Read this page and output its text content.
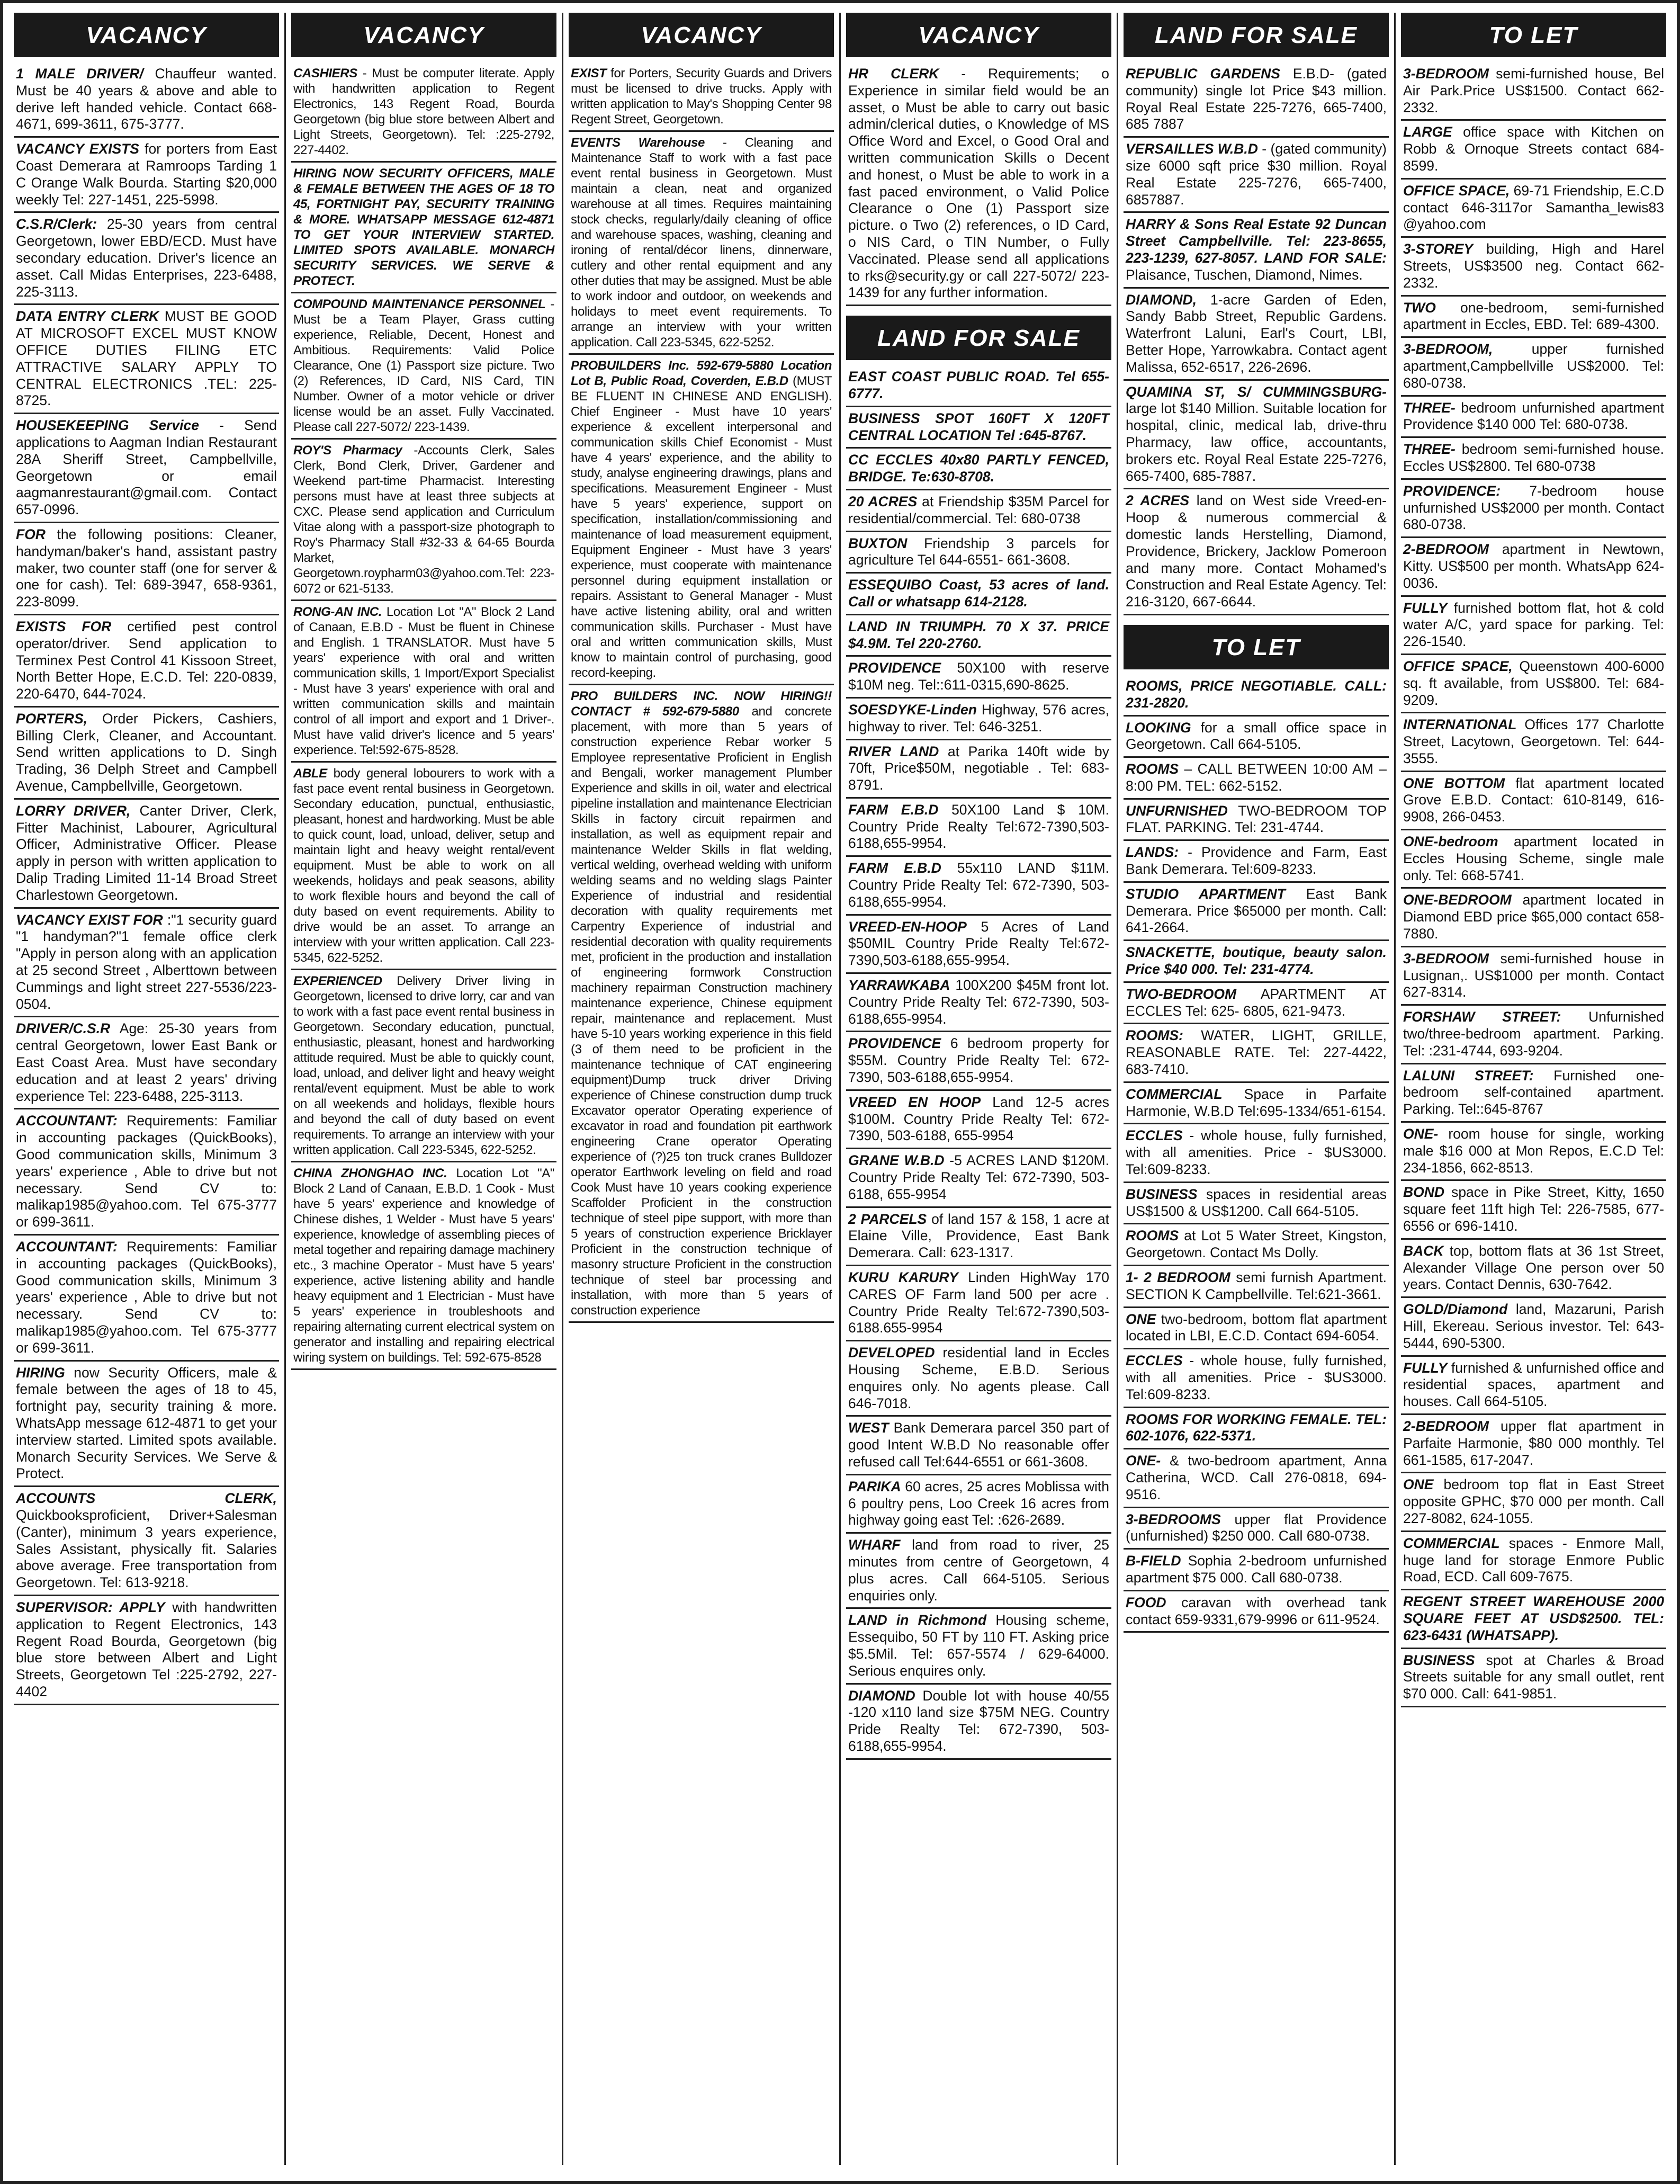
VACANCY
1 MALE DRIVER/ Chauffeur wanted. Must be 40 years & above and able to derive left handed vehicle. Contact 668-4671, 699-3611, 675-3777.
VACANCY EXISTS for porters from East Coast Demerara at Ramroops Tarding 1 C Orange Walk Bourda. Starting $20,000 weekly Tel: 227-1451, 225-5998.
C.S.R/Clerk: 25-30 years from central Georgetown, lower EBD/ECD. Must have secondary education. Driver's licence an asset. Call Midas Enterprises, 223-6488, 225-3113.
DATA ENTRY CLERK MUST BE GOOD AT MICROSOFT EXCEL MUST KNOW OFFICE DUTIES FILING ETC ATTRACTIVE SALARY APPLY TO CENTRAL ELECTRONICS .TEL: 225-8725.
HOUSEKEEPING Service - Send applications to Aagman Indian Restaurant 28A Sheriff Street, Campbellville, Georgetown or email aagmanrestaurant@gmail.com. Contact 657-0996.
FOR the following positions: Cleaner, handyman/baker's hand, assistant pastry maker, two counter staff (one for server & one for cash). Tel: 689-3947, 658-9361, 223-8099.
EXISTS FOR certified pest control operator/driver. Send application to Terminex Pest Control 41 Kissoon Street, North Better Hope, E.C.D. Tel: 220-0839, 220-6470, 644-7024.
PORTERS, Order Pickers, Cashiers, Billing Clerk, Cleaner, and Accountant. Send written applications to D. Singh Trading, 36 Delph Street and Campbell Avenue, Campbellville, Georgetown.
LORRY DRIVER, Canter Driver, Clerk, Fitter Machinist, Labourer, Agricultural Officer, Administrative Officer. Please apply in person with written application to Dalip Trading Limited 11-14 Broad Street Charlestown Georgetown.
VACANCY EXIST FOR :"1 security guard "1 handyman?"1 female office clerk "Apply in person along with an application at 25 second Street , Alberttown between Cummings and light street 227-5536/223-0504.
DRIVER/C.S.R Age: 25-30 years from central Georgetown, lower East Bank or East Coast Area. Must have secondary education and at least 2 years' driving experience Tel: 223-6488, 225-3113.
ACCOUNTANT: Requirements: Familiar in accounting packages (QuickBooks), Good communication skills, Minimum 3 years' experience , Able to drive but not necessary. Send CV to: malikap1985@yahoo.com. Tel 675-3777 or 699-3611.
ACCOUNTANT: Requirements: Familiar in accounting packages (QuickBooks), Good communication skills, Minimum 3 years' experience , Able to drive but not necessary. Send CV to: malikap1985@yahoo.com. Tel 675-3777 or 699-3611.
HIRING now Security Officers, male & female between the ages of 18 to 45, fortnight pay, security training & more. WhatsApp message 612-4871 to get your interview started. Limited spots available. Monarch Security Services. We Serve & Protect.
ACCOUNTS CLERK, Quickbooksproficient, Driver+Salesman (Canter), minimum 3 years experience, Sales Assistant, physically fit. Salaries above average. Free transportation from Georgetown. Tel: 613-9218.
SUPERVISOR: APPLY with handwritten application to Regent Electronics, 143 Regent Road Bourda, Georgetown (big blue store between Albert and Light Streets, Georgetown Tel :225-2792, 227-4402
VACANCY
CASHIERS - Must be computer literate. Apply with handwritten application to Regent Electronics, 143 Regent Road, Bourda Georgetown (big blue store between Albert and Light Streets, Georgetown). Tel: :225-2792, 227-4402.
HIRING NOW SECURITY OFFICERS, MALE & FEMALE BETWEEN THE AGES OF 18 TO 45, FORTNIGHT PAY, SECURITY TRAINING & MORE. WHATSAPP MESSAGE 612-4871 TO GET YOUR INTERVIEW STARTED. LIMITED SPOTS AVAILABLE. MONARCH SECURITY SERVICES. WE SERVE & PROTECT.
COMPOUND MAINTENANCE PERSONNEL - Must be a Team Player, Grass cutting experience, Reliable, Decent, Honest and Ambitious. Requirements: Valid Police Clearance, One (1) Passport size picture. Two (2) References, ID Card, NIS Card, TIN Number. Owner of a motor vehicle or driver license would be an asset. Fully Vaccinated. Please call 227-5072/ 223-1439.
ROY'S Pharmacy -Accounts Clerk, Sales Clerk, Bond Clerk, Driver, Gardener and Weekend part-time Pharmacist. Interesting persons must have at least three subjects at CXC. Please send application and Curriculum Vitae along with a passport-size photograph to Roy's Pharmacy Stall #32-33 & 64-65 Bourda Market, Georgetown.roypharm03@yahoo.com.Tel: 223-6072 or 621-5133.
RONG-AN INC. Location Lot "A" Block 2 Land of Canaan, E.B.D - Must be fluent in Chinese and English. 1 TRANSLATOR. Must have 5 years' experience with oral and written communication skills, 1 Import/Export Specialist - Must have 3 years' experience with oral and written communication skills and maintain control of all import and export and 1 Driver-. Must have valid driver's licence and 5 years' experience. Tel:592-675-8528.
ABLE body general lobourers to work with a fast pace event rental business in Georgetown. Secondary education, punctual, enthusiastic, pleasant, honest and hardworking. Must be able to quick count, load, unload, deliver, setup and maintain light and heavy weight rental/event equipment. Must be able to work on all weekends, holidays and peak seasons, ability to work flexible hours and beyond the call of duty based on event requirements. Ability to drive would be an asset. To arrange an interview with your written application. Call 223-5345, 622-5252.
EXPERIENCED Delivery Driver living in Georgetown, licensed to drive lorry, car and van to work with a fast pace event rental business in Georgetown. Secondary education, punctual, enthusiastic, pleasant, honest and hardworking attitude required. Must be able to quickly count, load, unload, and deliver light and heavy weight rental/event equipment. Must be able to work on all weekends and holidays, flexible hours and beyond the call of duty based on event requirements. To arrange an interview with your written application. Call 223-5345, 622-5252.
CHINA ZHONGHAO INC. Location Lot "A" Block 2 Land of Canaan, E.B.D. 1 Cook - Must have 5 years' experience and knowledge of Chinese dishes, 1 Welder - Must have 5 years' experience, knowledge of assembling pieces of metal together and repairing damage machinery etc., 3 machine Operator - Must have 5 years' experience, active listening ability and handle heavy equipment and 1 Electrician - Must have 5 years' experience in troubleshoots and repairing alternating current electrical system on generator and installing and repairing electrical wiring system on buildings. Tel: 592-675-8528
VACANCY
EXIST for Porters, Security Guards and Drivers must be licensed to drive trucks. Apply with written application to May's Shopping Center 98 Regent Street, Georgetown.
EVENTS Warehouse - Cleaning and Maintenance Staff to work with a fast pace event rental business in Georgetown. Must maintain a clean, neat and organized warehouse at all times. Requires maintaining stock checks, regularly/daily cleaning of office and warehouse spaces, washing, cleaning and ironing of rental/décor linens, dinnerware, cutlery and other rental equipment and any other duties that may be assigned. Must be able to work indoor and outdoor, on weekends and holidays to meet event requirements. To arrange an interview with your written application. Call 223-5345, 622-5252.
PROBUILDERS Inc. 592-679-5880 Location Lot B, Public Road, Coverden, E.B.D (MUST BE FLUENT IN CHINESE AND ENGLISH). Chief Engineer - Must have 10 years' experience & excellent interpersonal and communication skills Chief Economist - Must have 4 years' experience, and the ability to study, analyse engineering drawings, plans and specifications. Measurement Engineer - Must have 5 years' experience, support on specification, installation/commissioning and maintenance of load measurement equipment, Equipment Engineer - Must have 3 years' experience, must cooperate with maintenance personnel during equipment installation or repairs. Assistant to General Manager - Must have active listening ability, oral and written communication skills. Purchaser - Must have oral and written communication skills, Must know to maintain control of purchasing, good record-keeping.
PRO BUILDERS INC. NOW HIRING!! CONTACT # 592-679-5880 and concrete placement, with more than 5 years of construction experience Rebar worker 5 Employee representative Proficient in English and Bengali, worker management Plumber Experience and skills in oil, water and electrical pipeline installation and maintenance Electrician Skills in factory circuit repairmen and installation, as well as equipment repair and maintenance Welder Skills in flat welding, vertical welding, overhead welding with uniform welding seams and no welding slags Painter Experience of industrial and residential decoration with quality requirements met Carpentry Experience of industrial and residential decoration with quality requirements met, proficient in the production and installation of engineering formwork Construction machinery repairman Construction machinery maintenance experience, Chinese equipment repair, maintenance and replacement. Must have 5-10 years working experience in this field (3 of them need to be proficient in the maintenance technique of CAT engineering equipment)Dump truck driver Driving experience of Chinese construction dump truck Excavator operator Operating experience of excavator in road and foundation pit earthwork engineering Crane operator Operating experience of (?)25 ton truck cranes Bulldozer operator Earthwork leveling on field and road Cook Must have 10 years cooking experience Scaffolder Proficient in the construction technique of steel pipe support, with more than 5 years of construction experience Bricklayer Proficient in the construction technique of masonry structure Proficient in the construction technique of steel bar processing and installation, with more than 5 years of construction experience
VACANCY
HR CLERK - Requirements; o Experience in similar field would be an asset, o Must be able to carry out basic admin/clerical duties, o Knowledge of MS Office Word and Excel, o Good Oral and written communication Skills o Decent and honest, o Must be able to work in a fast paced environment, o Valid Police Clearance o One (1) Passport size picture. o Two (2) references, o ID Card, o NIS Card, o TIN Number, o Fully Vaccinated. Please send all applications to rks@security.gy or call 227-5072/ 223-1439 for any further information.
LAND FOR SALE
EAST COAST PUBLIC ROAD. Tel 655-6777.
BUSINESS SPOT 160FT X 120FT CENTRAL LOCATION Tel :645-8767.
CC ECCLES 40x80 PARTLY FENCED, BRIDGE. Te:630-8708.
20 ACRES at Friendship $35M Parcel for residential/commercial. Tel: 680-0738
BUXTON Friendship 3 parcels for agriculture Tel 644-6551- 661-3608.
ESSEQUIBO Coast, 53 acres of land. Call or whatsapp 614-2128.
LAND IN TRIUMPH. 70 X 37. PRICE $4.9M. Tel 220-2760.
PROVIDENCE 50X100 with reserve $10M neg. Tel::611-0315,690-8625.
SOESDYKE-Linden Highway, 576 acres, highway to river. Tel: 646-3251.
RIVER LAND at Parika 140ft wide by 70ft, Price$50M, negotiable . Tel: 683-8791.
FARM E.B.D 50X100 Land $ 10M. Country Pride Realty Tel:672-7390,503-6188,655-9954.
FARM E.B.D 55x110 LAND $11M. Country Pride Realty Tel: 672-7390, 503-6188,655-9954.
VREED-EN-HOOP 5 Acres of Land $50MIL Country Pride Realty Tel:672-7390,503-6188,655-9954.
YARRAWKABA 100X200 $45M front lot. Country Pride Realty Tel: 672-7390, 503-6188,655-9954.
PROVIDENCE 6 bedroom property for $55M. Country Pride Realty Tel: 672-7390, 503-6188,655-9954.
VREED EN HOOP Land 12-5 acres $100M. Country Pride Realty Tel: 672-7390, 503-6188, 655-9954
GRANE W.B.D -5 ACRES LAND $120M. Country Pride Realty Tel: 672-7390, 503-6188, 655-9954
2 PARCELS of land 157 & 158, 1 acre at Elaine Ville, Providence, East Bank Demerara. Call: 623-1317.
KURU KARURY Linden HighWay 170 CARES OF Farm land 500 per acre . Country Pride Realty Tel:672-7390,503-6188.655-9954
DEVELOPED residential land in Eccles Housing Scheme, E.B.D. Serious enquires only. No agents please. Call 646-7018.
WEST Bank Demerara parcel 350 part of good Intent W.B.D No reasonable offer refused call Tel:644-6551 or 661-3608.
PARIKA 60 acres, 25 acres Moblissa with 6 poultry pens, Loo Creek 16 acres from highway going east Tel: :626-2689.
WHARF land from road to river, 25 minutes from centre of Georgetown, 4 plus acres. Call 664-5105. Serious enquiries only.
LAND in Richmond Housing scheme, Essequibo, 50 FT by 110 FT. Asking price $5.5Mil. Tel: 657-5574 / 629-64000. Serious enquires only.
DIAMOND Double lot with house 40/55 -120 x110 land size $75M NEG. Country Pride Realty Tel: 672-7390, 503-6188,655-9954.
LAND FOR SALE
REPUBLIC GARDENS E.B.D- (gated community) single lot Price $43 million. Royal Real Estate 225-7276, 665-7400, 685 7887
VERSAILLES W.B.D - (gated community) size 6000 sqft price $30 million. Royal Real Estate 225-7276, 665-7400, 6857887.
HARRY & Sons Real Estate 92 Duncan Street Campbellville. Tel: 223-8655, 223-1239, 627-8057. LAND FOR SALE: Plaisance, Tuschen, Diamond, Nimes.
DIAMOND, 1-acre Garden of Eden, Sandy Babb Street, Republic Gardens. Waterfront Laluni, Earl's Court, LBI, Better Hope, Yarrowkabra. Contact agent Malissa, 652-6517, 226-2696.
QUAMINA ST, S/ CUMMINGSBURG- large lot $140 Million. Suitable location for hospital, clinic, medical lab, drive-thru Pharmacy, law office, accountants, brokers etc. Royal Real Estate 225-7276, 665-7400, 685-7887.
2 ACRES land on West side Vreed-en-Hoop & numerous commercial & domestic lands Herstelling, Diamond, Providence, Brickery, Jacklow Pomeroon and many more. Contact Mohamed's Construction and Real Estate Agency. Tel: 216-3120, 667-6644.
TO LET
ROOMS, PRICE NEGOTIABLE. CALL: 231-2820.
LOOKING for a small office space in Georgetown. Call 664-5105.
ROOMS – CALL BETWEEN 10:00 AM – 8:00 PM. TEL: 662-5152.
UNFURNISHED TWO-BEDROOM TOP FLAT. PARKING. Tel: 231-4744.
LANDS: - Providence and Farm, East Bank Demerara. Tel:609-8233.
STUDIO APARTMENT East Bank Demerara. Price $65000 per month. Call: 641-2664.
SNACKETTE, boutique, beauty salon. Price $40 000. Tel: 231-4774.
TWO-BEDROOM APARTMENT AT ECCLES Tel: 625- 6805, 621-9473.
ROOMS: WATER, LIGHT, GRILLE, REASONABLE RATE. Tel: 227-4422, 683-7410.
COMMERCIAL Space in Parfaite Harmonie, W.B.D Tel:695-1334/651-6154.
ECCLES - whole house, fully furnished, with all amenities. Price - $US3000. Tel:609-8233.
BUSINESS spaces in residential areas US$1500 & US$1200. Call 664-5105.
ROOMS at Lot 5 Water Street, Kingston, Georgetown. Contact Ms Dolly.
1- 2 BEDROOM semi furnish Apartment. SECTION K Campbellville. Tel:621-3661.
ONE two-bedroom, bottom flat apartment located in LBI, E.C.D. Contact 694-6054.
ECCLES - whole house, fully furnished, with all amenities. Price - $US3000. Tel:609-8233.
ROOMS FOR WORKING FEMALE. TEL: 602-1076, 622-5371.
ONE- & two-bedroom apartment, Anna Catherina, WCD. Call 276-0818, 694-9516.
3-BEDROOMS upper flat Providence (unfurnished) $250 000. Call 680-0738.
B-FIELD Sophia 2-bedroom unfurnished apartment $75 000. Call 680-0738.
FOOD caravan with overhead tank contact 659-9331,679-9996 or 611-9524.
TO LET
3-BEDROOM semi-furnished house, Bel Air Park.Price US$1500. Contact 662-2332.
LARGE office space with Kitchen on Robb & Ornoque Streets contact 684-8599.
OFFICE SPACE, 69-71 Friendship, E.C.D contact 646-3117or Samantha_lewis83 @yahoo.com
3-STOREY building, High and Harel Streets, US$3500 neg. Contact 662-2332.
TWO one-bedroom, semi-furnished apartment in Eccles, EBD. Tel: 689-4300.
3-BEDROOM,	upper furnished apartment,Campbellville US$2000. Tel: 680-0738.
THREE- bedroom unfurnished apartment Providence $140 000 Tel: 680-0738.
THREE- bedroom semi-furnished house. Eccles US$2800. Tel 680-0738
PROVIDENCE: 7-bedroom house unfurnished US$2000 per month. Contact 680-0738.
2-BEDROOM apartment in Newtown, Kitty. US$500 per month. WhatsApp 624-0036.
FULLY furnished bottom flat, hot & cold water A/C, yard space for parking. Tel: 226-1540.
OFFICE SPACE, Queenstown 400-6000 sq. ft available, from US$800. Tel: 684-9209.
INTERNATIONAL Offices 177 Charlotte Street, Lacytown, Georgetown. Tel: 644-3555.
ONE BOTTOM flat apartment located Grove E.B.D. Contact: 610-8149, 616-9908, 266-0453.
ONE-bedroom apartment located in Eccles Housing Scheme, single male only. Tel: 668-5741.
ONE-BEDROOM apartment located in Diamond EBD price $65,000 contact 658-7880.
3-BEDROOM semi-furnished house in Lusignan,. US$1000 per month. Contact 627-8314.
FORSHAW STREET: Unfurnished two/three-bedroom apartment. Parking. Tel: :231-4744, 693-9204.
LALUNI STREET: Furnished one-bedroom self-contained apartment. Parking. Tel::645-8767
ONE- room house for single, working male $16 000 at Mon Repos, E.C.D Tel: 234-1856, 662-8513.
BOND space in Pike Street, Kitty, 1650 square feet 11ft high Tel: 226-7585, 677-6556 or 696-1410.
BACK top, bottom flats at 36 1st Street, Alexander Village One person over 50 years. Contact Dennis, 630-7642.
GOLD/Diamond land, Mazaruni, Parish Hill, Ekereau. Serious investor. Tel: 643-5444, 690-5300.
FULLY furnished & unfurnished office and residential spaces, apartment and houses. Call 664-5105.
2-BEDROOM upper flat apartment in Parfaite Harmonie, $80 000 monthly. Tel 661-1585, 617-2047.
ONE bedroom top flat in East Street opposite GPHC, $70 000 per month. Call 227-8082, 624-1055.
COMMERCIAL spaces - Enmore Mall, huge land for storage Enmore Public Road, ECD. Call 609-7675.
REGENT STREET WAREHOUSE 2000 SQUARE FEET AT USD$2500. TEL: 623-6431 (WHATSAPP).
BUSINESS spot at Charles & Broad Streets suitable for any small outlet, rent $70 000. Call: 641-9851.
